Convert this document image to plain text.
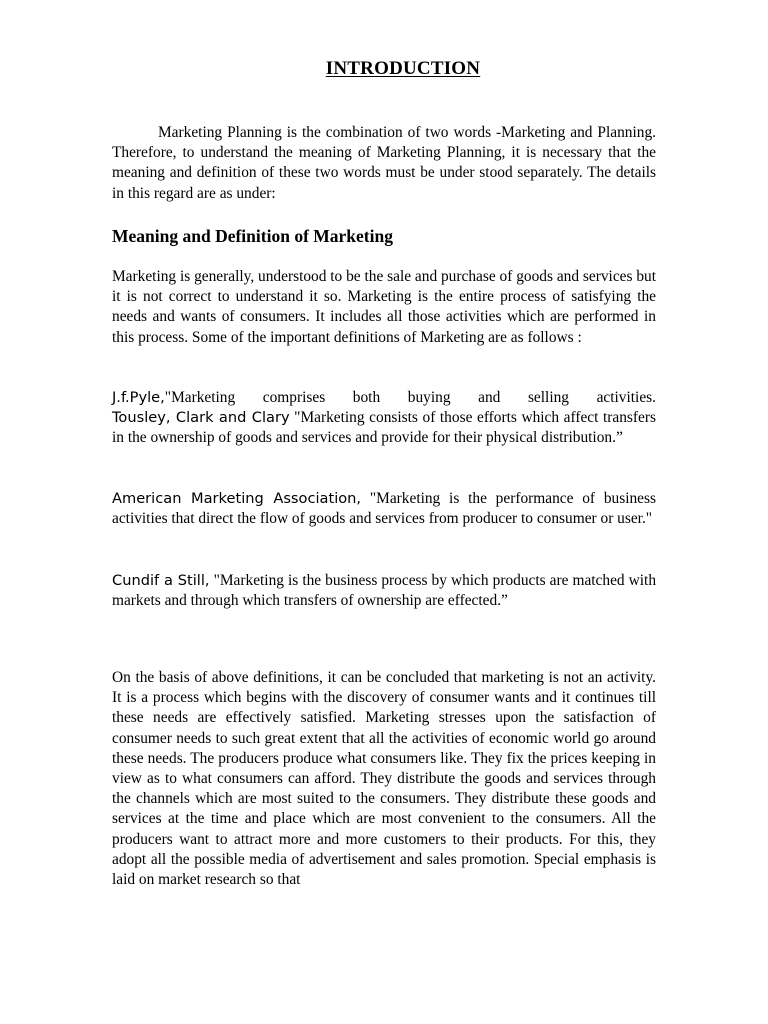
INTRODUCTION

Marketing Planning is the combination of two words -Marketing and Planning. Therefore, to understand the meaning of Marketing Planning, it is necessary that the meaning and definition of these two words must be under stood separately. The details in this regard are as under:

Meaning and Definition of Marketing

Marketing is generally, understood to be the sale and purchase of goods and services but it is not correct to understand it so. Marketing is the entire process of satisfying the needs and wants of consumers. It includes all those activities which are performed in this process. Some of the important definitions of Marketing are as follows :

J.f.Pyle,"Marketing comprises both buying and selling activities.
Tousley, Clark and Clary "Marketing consists of those efforts which affect transfers in the ownership of goods and services and provide for their physical distribution.”

American Marketing Association, "Marketing is the performance of business activities that direct the flow of goods and services from producer to consumer or user."

Cundif a Still, "Marketing is the business process by which products are matched with markets and through which transfers of ownership are effected.”

On the basis of above definitions, it can be concluded that marketing is not an activity. It is a process which begins with the discovery of consumer wants and it continues till these needs are effectively satisfied. Marketing stresses upon the satisfaction of consumer needs to such great extent that all the activities of economic world go around these needs. The producers produce what consumers like. They fix the prices keeping in view as to what consumers can afford. They distribute the goods and services through the channels which are most suited to the consumers. They distribute these goods and services at the time and place which are most convenient to the consumers. All the producers want to attract more and more customers to their products. For this, they adopt all the possible media of advertisement and sales promotion. Special emphasis is laid on market research so that
